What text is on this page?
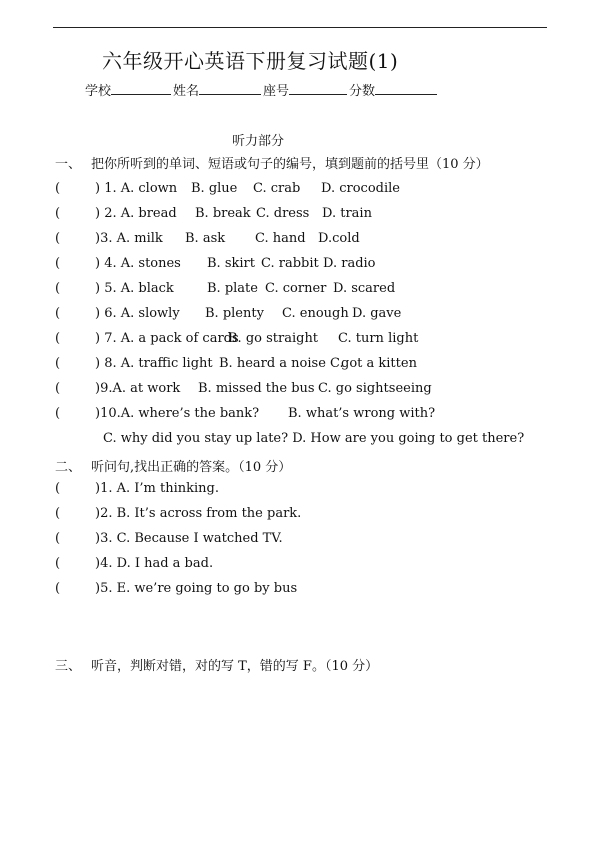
六年级开心英语下册复习试题(1)
学校	姓名	座号	分数
听力部分
一、 把你所听到的单词、短语或句子的编号，填到题前的括号里（10 分）
(	) 1. A. clown B. glue C. crab D. crocodile
(	) 2. A. bread B. break C. dress D. train
(	)3. A. milk B. ask C. hand D.cold
(	) 4. A. stones B. skirt C. rabbit D. radio
(	) 5. A. black	B. plate C. corner D. scared
(	) 6. A. slowly B. plenty C. enough D. gave
(	) 7. A. a pack of cards
B. go straight C. turn light
(	) 8. A. traffic light B. heard a noise C.
got a kitten
(	)9.A. at work B. missed the bus C. go sightseeing
(	)10.A. where’s the bank? B. what’s wrong with?
C. why did you stay up late? D. How are you going to get there?
二、 听问句,找出正确的答案。（10 分）
(	)1. A. I’m thinking.
(	)2. B. It’s across from the park.
(	)3. C. Because I watched TV.
(	)4. D. I had a bad.
(	)5. E. we’re going to go by bus
三、 听音，判断对错，对的写 T，错的写 F。（10 分）
